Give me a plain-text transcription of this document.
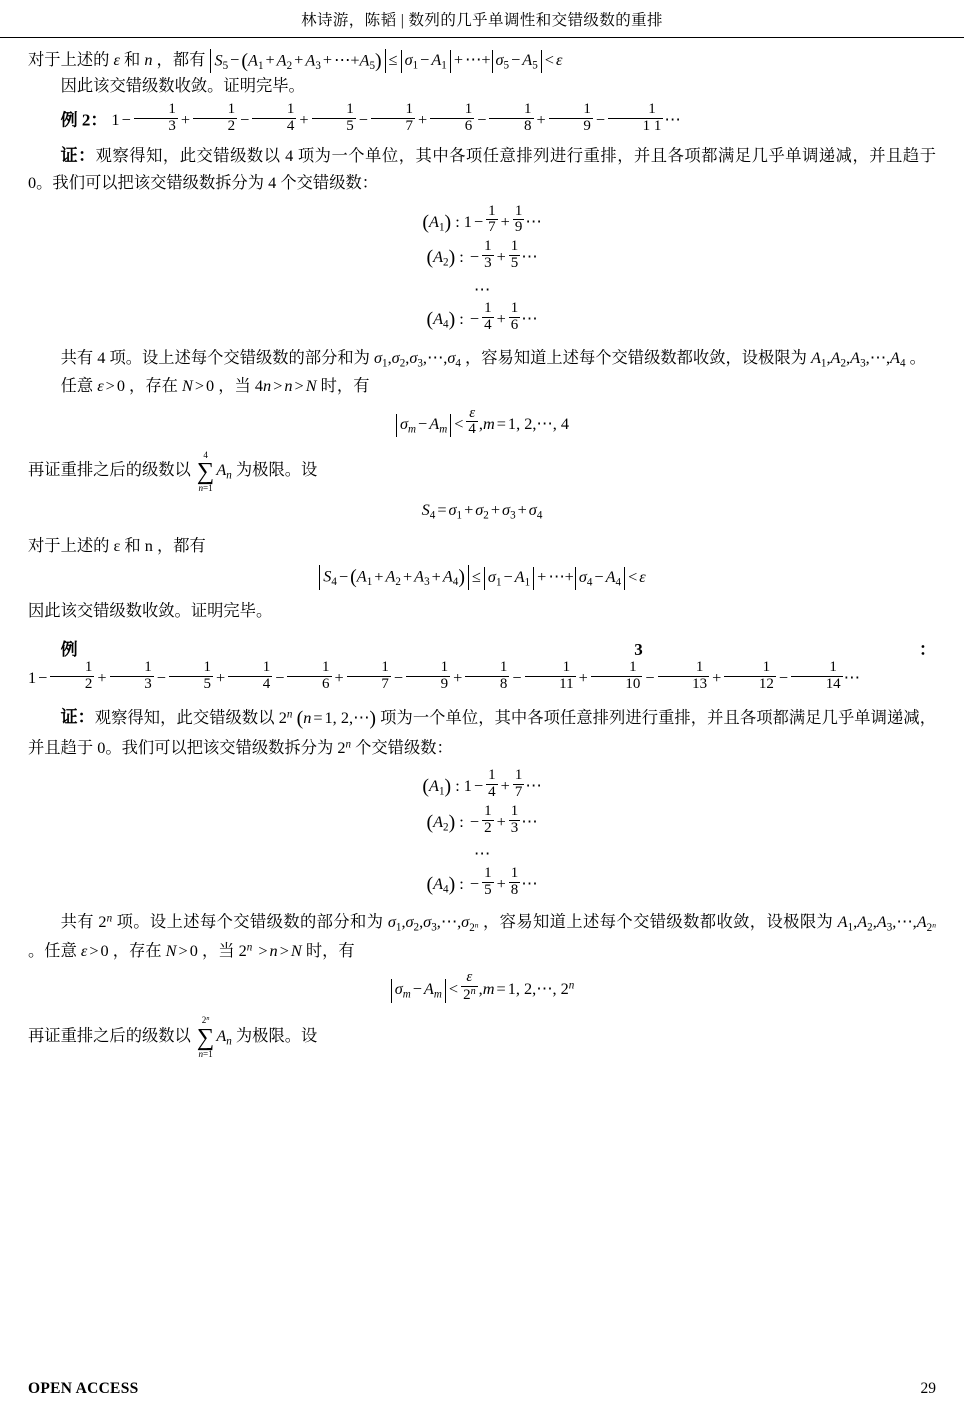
林诗游，陈韬 | 数列的几乎单调性和交错级数的重排

对于上述的 ε 和 n ，都有 $S_5 - (A_1 + A_2 + A_3$ + $\cdots+A_5) \le \sigma_1 - A_1$ + ⋯+ $\sigma_5 - A_5 < \varepsilon$

因此该交错级数收敛。证明完毕。

例 2： $1 - \frac{1}{3} + \frac{1}{2} - \frac{1}{4} + \frac{1}{5} - \frac{1}{7} + \frac{1}{6} - \frac{1}{8} + \frac{1}{9} - \frac{1}{1 1}$ ⋯

证：观察得知，此交错级数以 4 项为一个单位，其中各项任意排列进行重排，并且各项都满足几乎单调递减，并且趋于 0。我们可以把该交错级数拆分为 4 个交错级数：

$(A_1)$ : $1 - \frac{1}{7} + \frac{1}{9}$ ⋯

$(A_2)$ : − $\frac{1}{3} + \frac{1}{5}$ ⋯

⋯

$(A_4)$ : − $\frac{1}{4} + \frac{1}{6}$ ⋯

共有 4 项。设上述每个交错级数的部分和为 $\sigma_1,\sigma_2,\sigma_3,\cdots,\sigma_4$ ，容易知道上述每个交错级数都收敛，设极限为 $A_1,A_2,A_3,\cdots,A_4$ 。

任意 ε > 0 ，存在 N > 0 ，当 4n > n > N 时，有

$\sigma_m - A_m < \frac{\varepsilon}{4} ,m = 1$, 2,⋯, 4

再证重排之后的级数以
4
∑
n=1
$A_n$ 为极限。设

$S_4 = \sigma_1 + \sigma_2 + \sigma_3 + \sigma_4$

对于上述的 ε 和 n ，都有

$S_4 - (A_1 + A_2 + A_3 + A_4) \le \sigma_1 - A_1$ + ⋯+ $\sigma_4 - A_4 < \varepsilon$

因此该交错级数收敛。证明完毕。

例 3： $1 - \frac{1}{2} + \frac{1}{3} - \frac{1}{5} + \frac{1}{4} - \frac{1}{6} + \frac{1}{7} - \frac{1}{9} + \frac{1}{8} - \frac{1}{11} + \frac{1}{10} - \frac{1}{13} + \frac{1}{12} - \frac{1}{14}$ ⋯

证：观察得知，此交错级数以 2$^n$ (n = 1, 2,⋯) 项为一个单位，其中各项任意排列进行重排，并且各项都满足几乎单调递减，并且趋于 0。我们可以把该交错级数拆分为 2$^n$ 个交错级数：

$(A_1)$ : $1 - \frac{1}{4} + \frac{1}{7}$ ⋯

$(A_2)$ : − $\frac{1}{2} + \frac{1}{3}$ ⋯

⋯

$(A_4)$ : − $\frac{1}{5} + \frac{1}{8}$ ⋯

共有 2$^n$ 项。设上述每个交错级数的部分和为 $\sigma_1,\sigma_2,\sigma_3,\cdots,\sigma_{2^n}$ ，容易知道上述每个交错级数都收敛，设极限为 $A_1,A_2,A_3,\cdots,A_{2^n}$ 。任意 ε > 0 ，存在 N > 0 ，当 $2^n > n > N$ 时，有

$\sigma_m - A_m < \frac{\varepsilon}{2^n} ,m = 1$, 2,⋯, 2$^n$

再证重排之后的级数以
2$^n$
∑
n=1
$A_n$ 为极限。设

OPEN ACCESS	29
